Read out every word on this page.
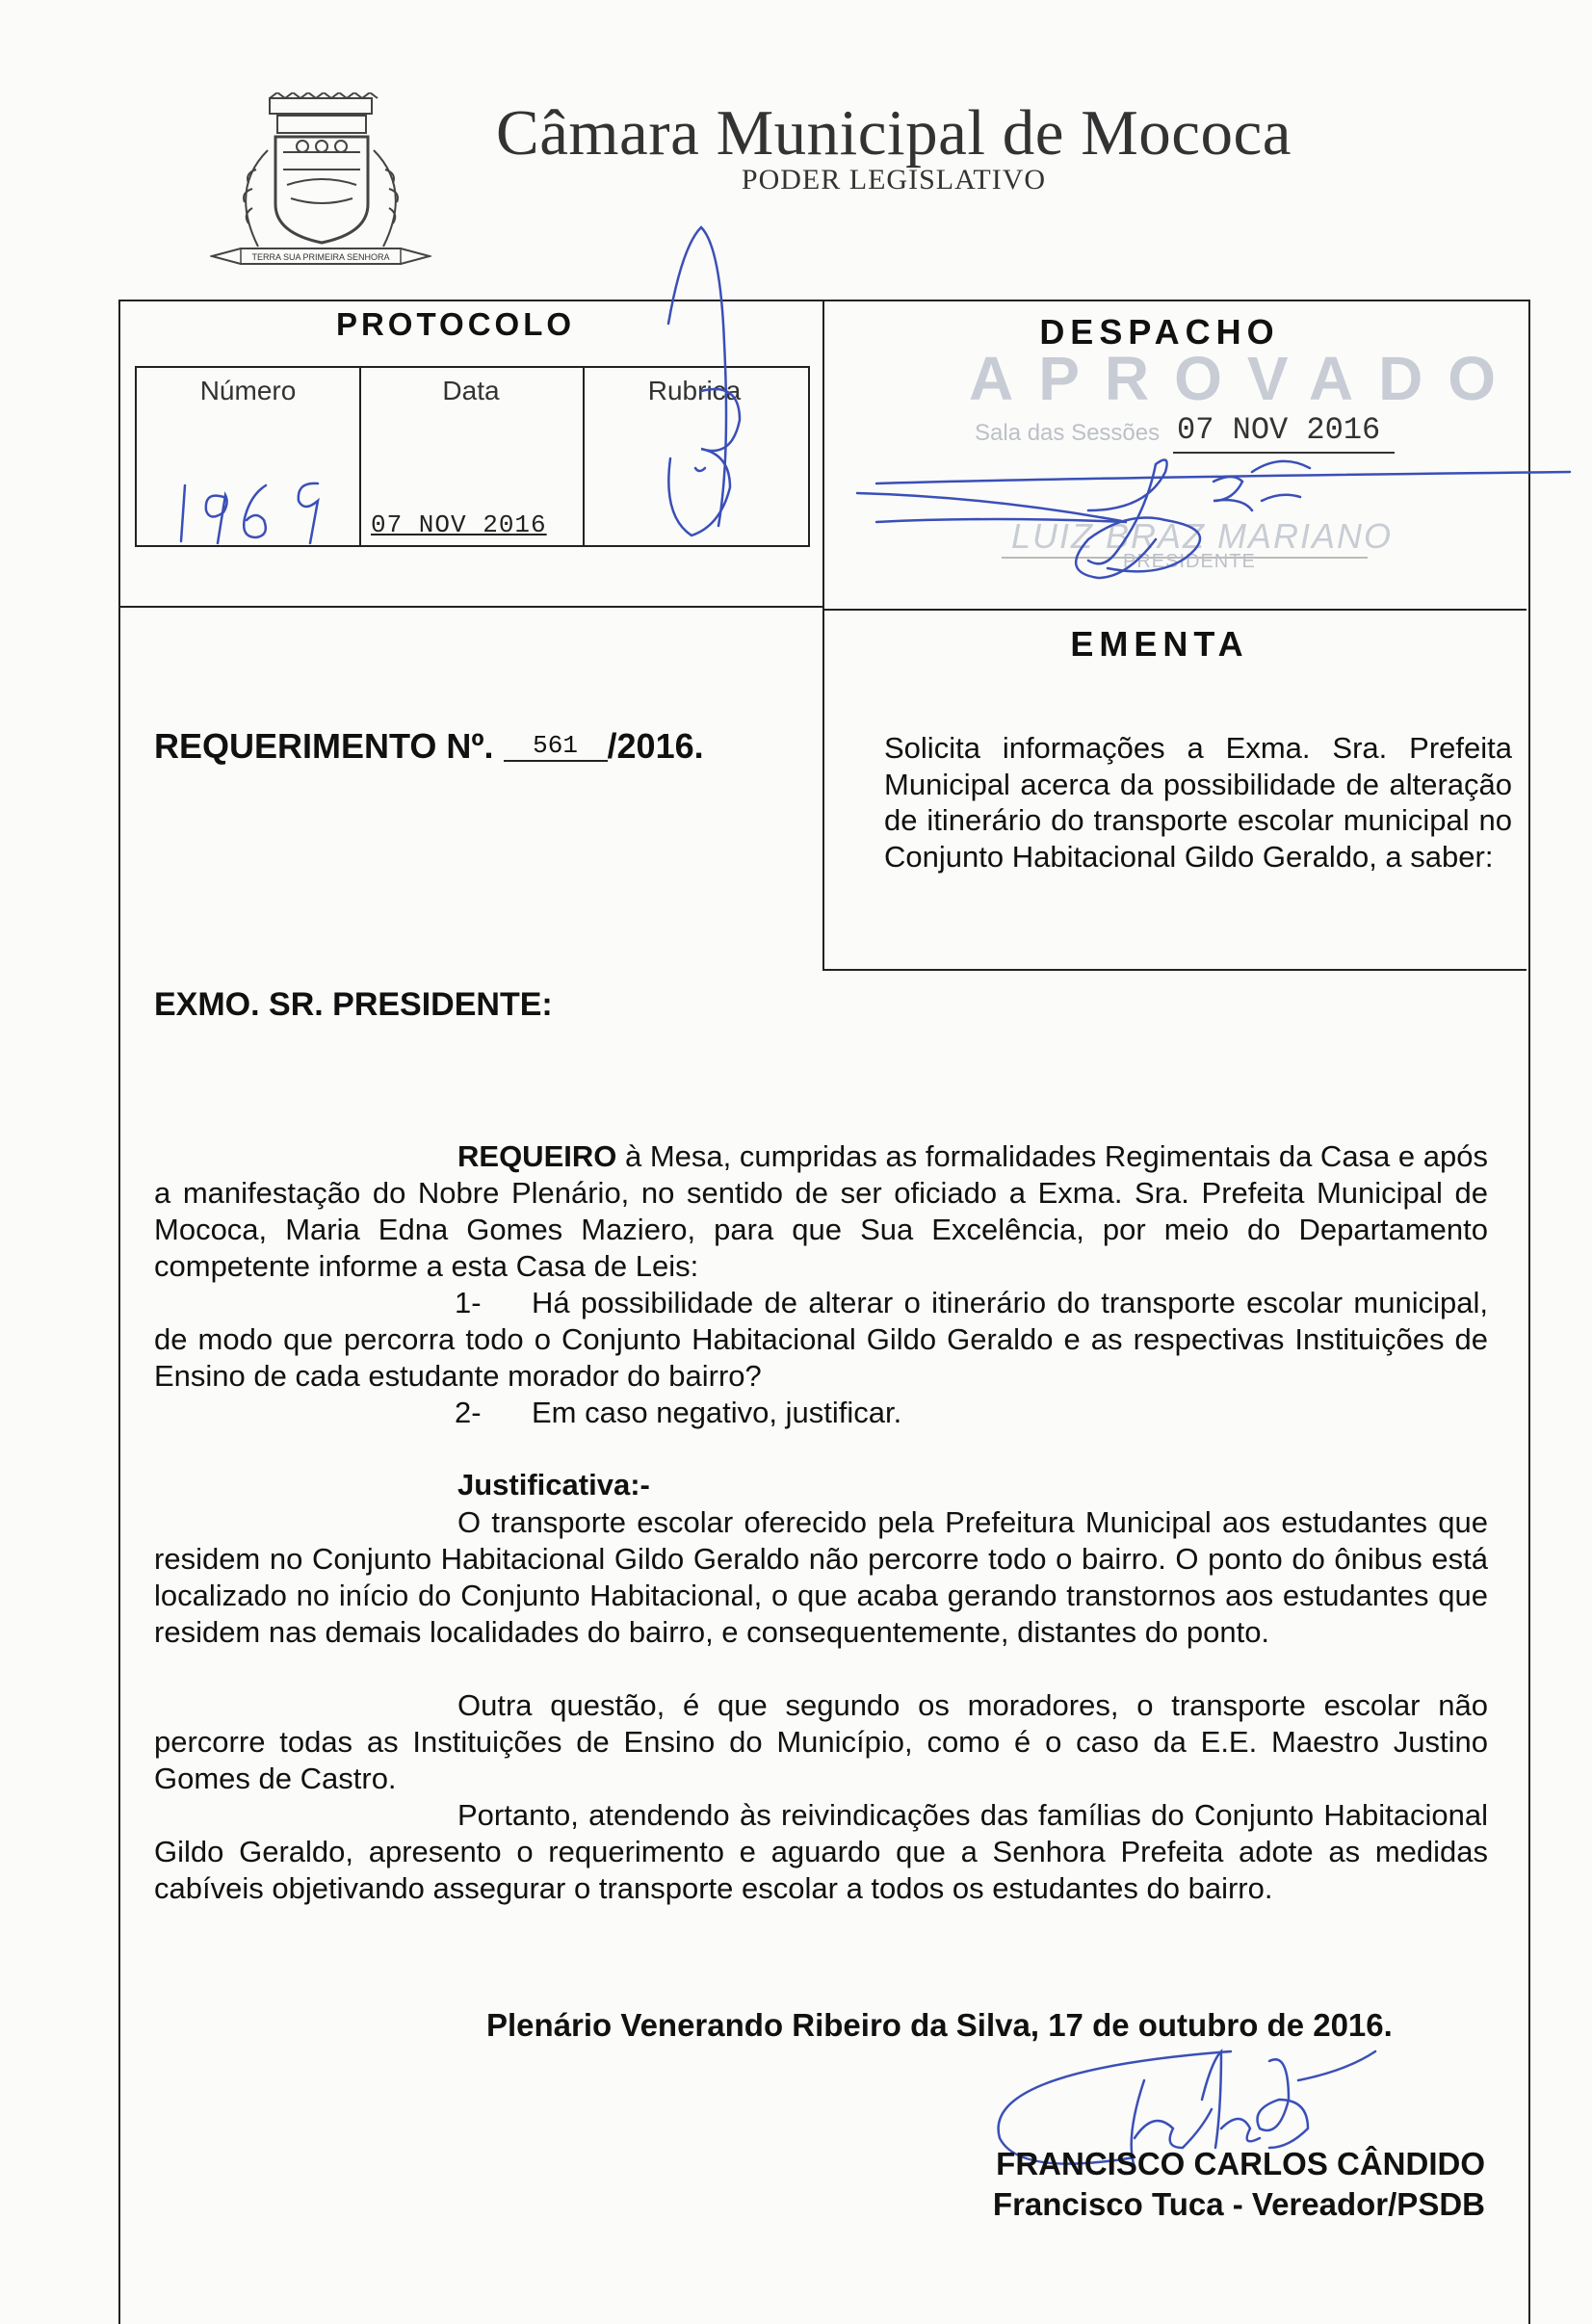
TERRA SUA PRIMEIRA SENHORA
Câmara Municipal de Mococa
PODER LEGISLATIVO
PROTOCOLO
Número	Data	Rubrica
07 NOV 2016
DESPACHO
APROVADO
Sala das Sessões 07 NOV 2016
LUIZ BRAZ MARIANO
PRESIDENTE
EMENTA
Solicita informações a Exma. Sra. Prefeita Municipal acerca da possibilidade de alteração de itinerário do transporte escolar municipal no Conjunto Habitacional Gildo Geraldo, a saber:
REQUERIMENTO Nº. 561 /2016.
EXMO. SR. PRESIDENTE:
REQUEIRO à Mesa, cumpridas as formalidades Regimentais da Casa e após a manifestação do Nobre Plenário, no sentido de ser oficiado a Exma. Sra. Prefeita Municipal de Mococa, Maria Edna Gomes Maziero, para que Sua Excelência, por meio do Departamento competente informe a esta Casa de Leis:
1- Há possibilidade de alterar o itinerário do transporte escolar municipal, de modo que percorra todo o Conjunto Habitacional Gildo Geraldo e as respectivas Instituições de Ensino de cada estudante morador do bairro?
2- Em caso negativo, justificar.
Justificativa:-
O transporte escolar oferecido pela Prefeitura Municipal aos estudantes que residem no Conjunto Habitacional Gildo Geraldo não percorre todo o bairro. O ponto do ônibus está localizado no início do Conjunto Habitacional, o que acaba gerando transtornos aos estudantes que residem nas demais localidades do bairro, e consequentemente, distantes do ponto.
Outra questão, é que segundo os moradores, o transporte escolar não percorre todas as Instituições de Ensino do Município, como é o caso da E.E. Maestro Justino Gomes de Castro.
Portanto, atendendo às reivindicações das famílias do Conjunto Habitacional Gildo Geraldo, apresento o requerimento e aguardo que a Senhora Prefeita adote as medidas cabíveis objetivando assegurar o transporte escolar a todos os estudantes do bairro.
Plenário Venerando Ribeiro da Silva, 17 de outubro de 2016.
FRANCISCO CARLOS CÂNDIDO
Francisco Tuca - Vereador/PSDB
